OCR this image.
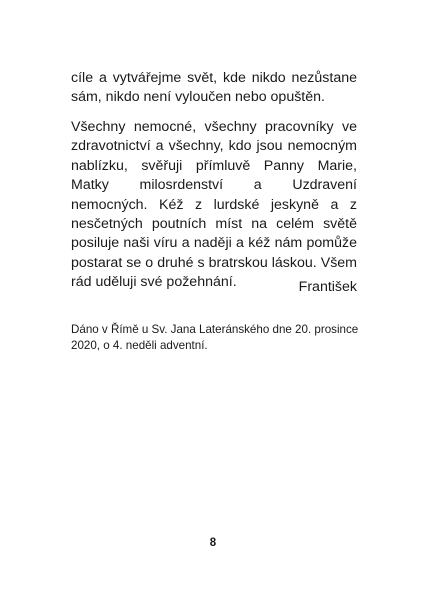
cíle a vytvářejme svět, kde nikdo nezůstane sám, nikdo není vyloučen nebo opuštěn.

Všechny nemocné, všechny pracovníky ve zdravotnictví a všechny, kdo jsou nemocným nablízku, svěřuji přímluvě Panny Marie, Matky milosrdenství a Uzdravení nemocných. Kéž z lurdské jeskyně a z nesčetných poutních míst na celém světě posiluje naši víru a naději a kéž nám pomůže postarat se o druhé s bratrskou láskou. Všem rád uděluji své požehnání.	František

Dáno v Římě u Sv. Jana Lateránského dne 20. prosince 2020, o 4. neděli adventní.

8
